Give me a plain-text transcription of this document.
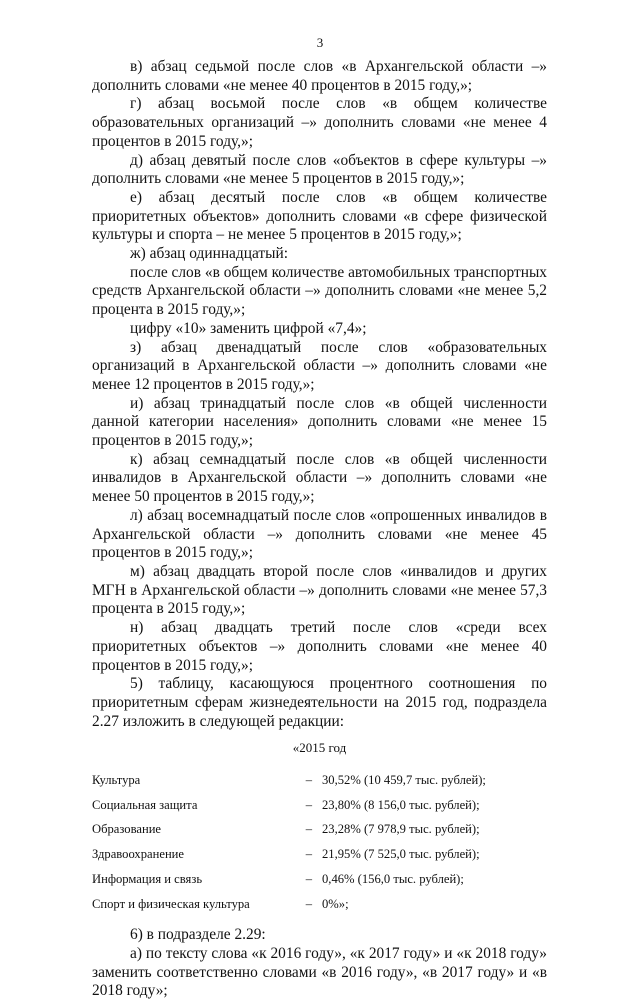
3

в) абзац седьмой после слов «в Архангельской области –» дополнить словами «не менее 40 процентов в 2015 году,»;

г) абзац восьмой после слов «в общем количестве образовательных организаций –» дополнить словами «не менее 4 процентов в 2015 году,»;

д) абзац девятый после слов «объектов в сфере культуры –» дополнить словами «не менее 5 процентов в 2015 году,»;

е) абзац десятый после слов «в общем количестве приоритетных объектов» дополнить словами «в сфере физической культуры и спорта – не менее 5 процентов в 2015 году,»;

ж) абзац одиннадцатый:

после слов «в общем количестве автомобильных транспортных средств Архангельской области –» дополнить словами «не менее 5,2 процента в 2015 году,»;

цифру «10» заменить цифрой «7,4»;

з) абзац двенадцатый после слов «образовательных организаций в Архангельской области –» дополнить словами «не менее 12 процентов в 2015 году,»;

и) абзац тринадцатый после слов «в общей численности данной категории населения» дополнить словами «не менее 15 процентов в 2015 году,»;

к) абзац семнадцатый после слов «в общей численности инвалидов в Архангельской области –» дополнить словами «не менее 50 процентов в 2015 году,»;

л) абзац восемнадцатый после слов «опрошенных инвалидов в Архангельской области –» дополнить словами «не менее 45 процентов в 2015 году,»;

м) абзац двадцать второй после слов «инвалидов и других МГН в Архангельской области –» дополнить словами «не менее 57,3 процента в 2015 году,»;

н) абзац двадцать третий после слов «среди всех приоритетных объектов –» дополнить словами «не менее 40 процентов в 2015 году,»;

5) таблицу, касающуюся процентного соотношения по приоритетным сферам жизнедеятельности на 2015 год, подраздела 2.27 изложить в следующей редакции:

«2015 год

Культура	–	30,52% (10 459,7 тыс. рублей);
Социальная защита	–	23,80% (8 156,0 тыс. рублей);
Образование	–	23,28% (7 978,9 тыс. рублей);
Здравоохранение	–	21,95% (7 525,0 тыс. рублей);
Информация и связь	–	0,46% (156,0 тыс. рублей);
Спорт и физическая культура	–	0%»;

6) в подразделе 2.29:

а) по тексту слова «к 2016 году», «к 2017 году» и «к 2018 году» заменить соответственно словами «в 2016 году», «в 2017 году» и «в 2018 году»;
